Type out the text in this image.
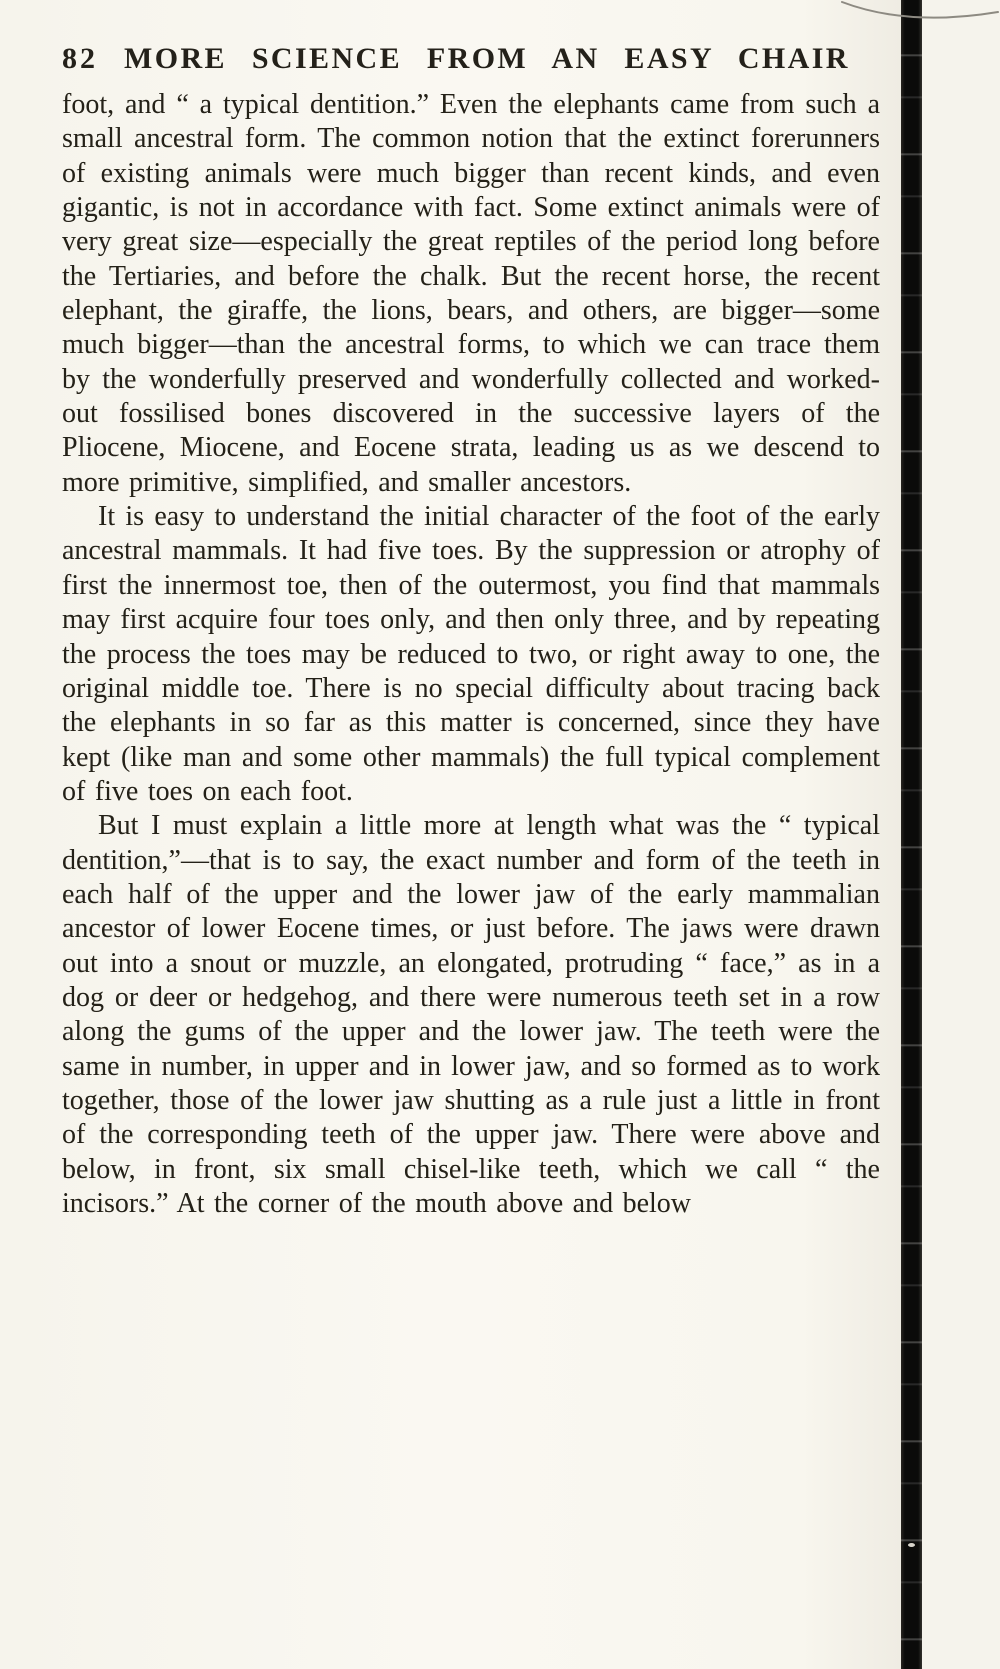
82 MORE SCIENCE FROM AN EASY CHAIR

foot, and “ a typical dentition.” Even the elephants came from such a small ancestral form. The common notion that the extinct forerunners of existing animals were much bigger than recent kinds, and even gigantic, is not in accordance with fact. Some extinct animals were of very great size—especially the great reptiles of the period long before the Tertiaries, and before the chalk. But the recent horse, the recent elephant, the giraffe, the lions, bears, and others, are bigger—some much bigger—than the ancestral forms, to which we can trace them by the wonderfully preserved and wonderfully collected and worked-out fossilised bones discovered in the successive layers of the Pliocene, Miocene, and Eocene strata, leading us as we descend to more primitive, simplified, and smaller ancestors.

It is easy to understand the initial character of the foot of the early ancestral mammals. It had five toes. By the suppression or atrophy of first the innermost toe, then of the outermost, you find that mammals may first acquire four toes only, and then only three, and by repeating the process the toes may be reduced to two, or right away to one, the original middle toe. There is no special difficulty about tracing back the elephants in so far as this matter is concerned, since they have kept (like man and some other mammals) the full typical complement of five toes on each foot.

But I must explain a little more at length what was the “ typical dentition,”—that is to say, the exact number and form of the teeth in each half of the upper and the lower jaw of the early mammalian ancestor of lower Eocene times, or just before. The jaws were drawn out into a snout or muzzle, an elongated, protruding “ face,” as in a dog or deer or hedgehog, and there were numerous teeth set in a row along the gums of the upper and the lower jaw. The teeth were the same in number, in upper and in lower jaw, and so formed as to work together, those of the lower jaw shutting as a rule just a little in front of the corresponding teeth of the upper jaw. There were above and below, in front, six small chisel-like teeth, which we call “ the incisors.” At the corner of the mouth above and below
